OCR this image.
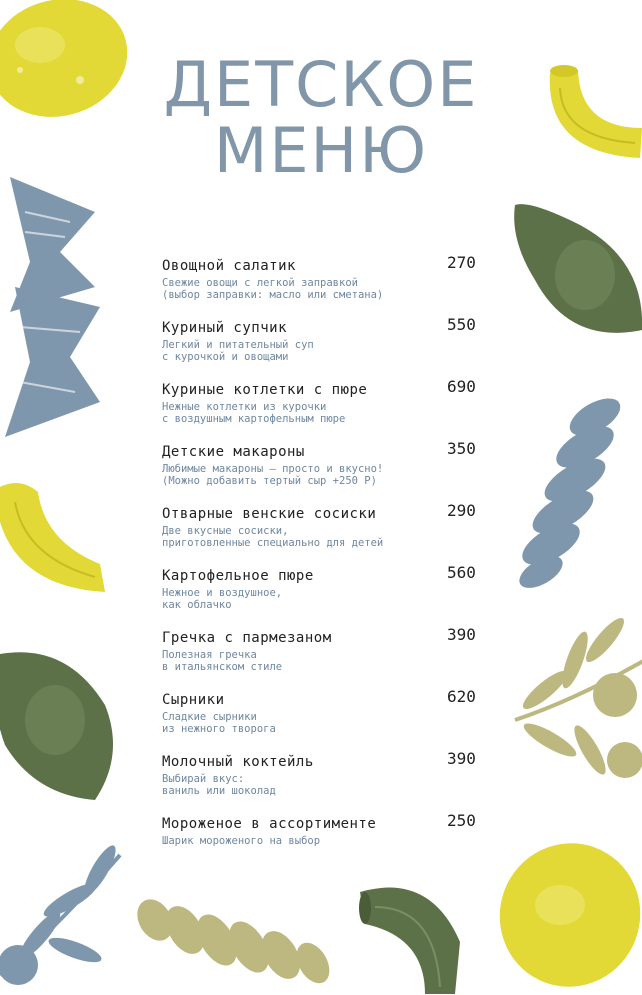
ДЕТСКОЕ
МЕНЮ
Овощной салатик
Свежие овощи с легкой заправкой
(выбор заправки: масло или сметана)
270
Куриный супчик
Легкий и питательный суп
с курочкой и овощами
550
Куриные котлетки с пюре
Нежные котлетки из курочки
с воздушным картофельным пюре
690
Детские макароны
Любимые макароны — просто и вкусно!
(Можно добавить тертый сыр +250 Р)
350
Отварные венские сосиски
Две вкусные сосиски,
приготовленные специально для детей
290
Картофельное пюре
Нежное и воздушное,
как облачко
560
Гречка с пармезаном
Полезная гречка
в итальянском стиле
390
Сырники
Сладкие сырники
из нежного творога
620
Молочный коктейль
Выбирай вкус:
ваниль или шоколад
390
Мороженое в ассортименте
Шарик мороженого на выбор
250
